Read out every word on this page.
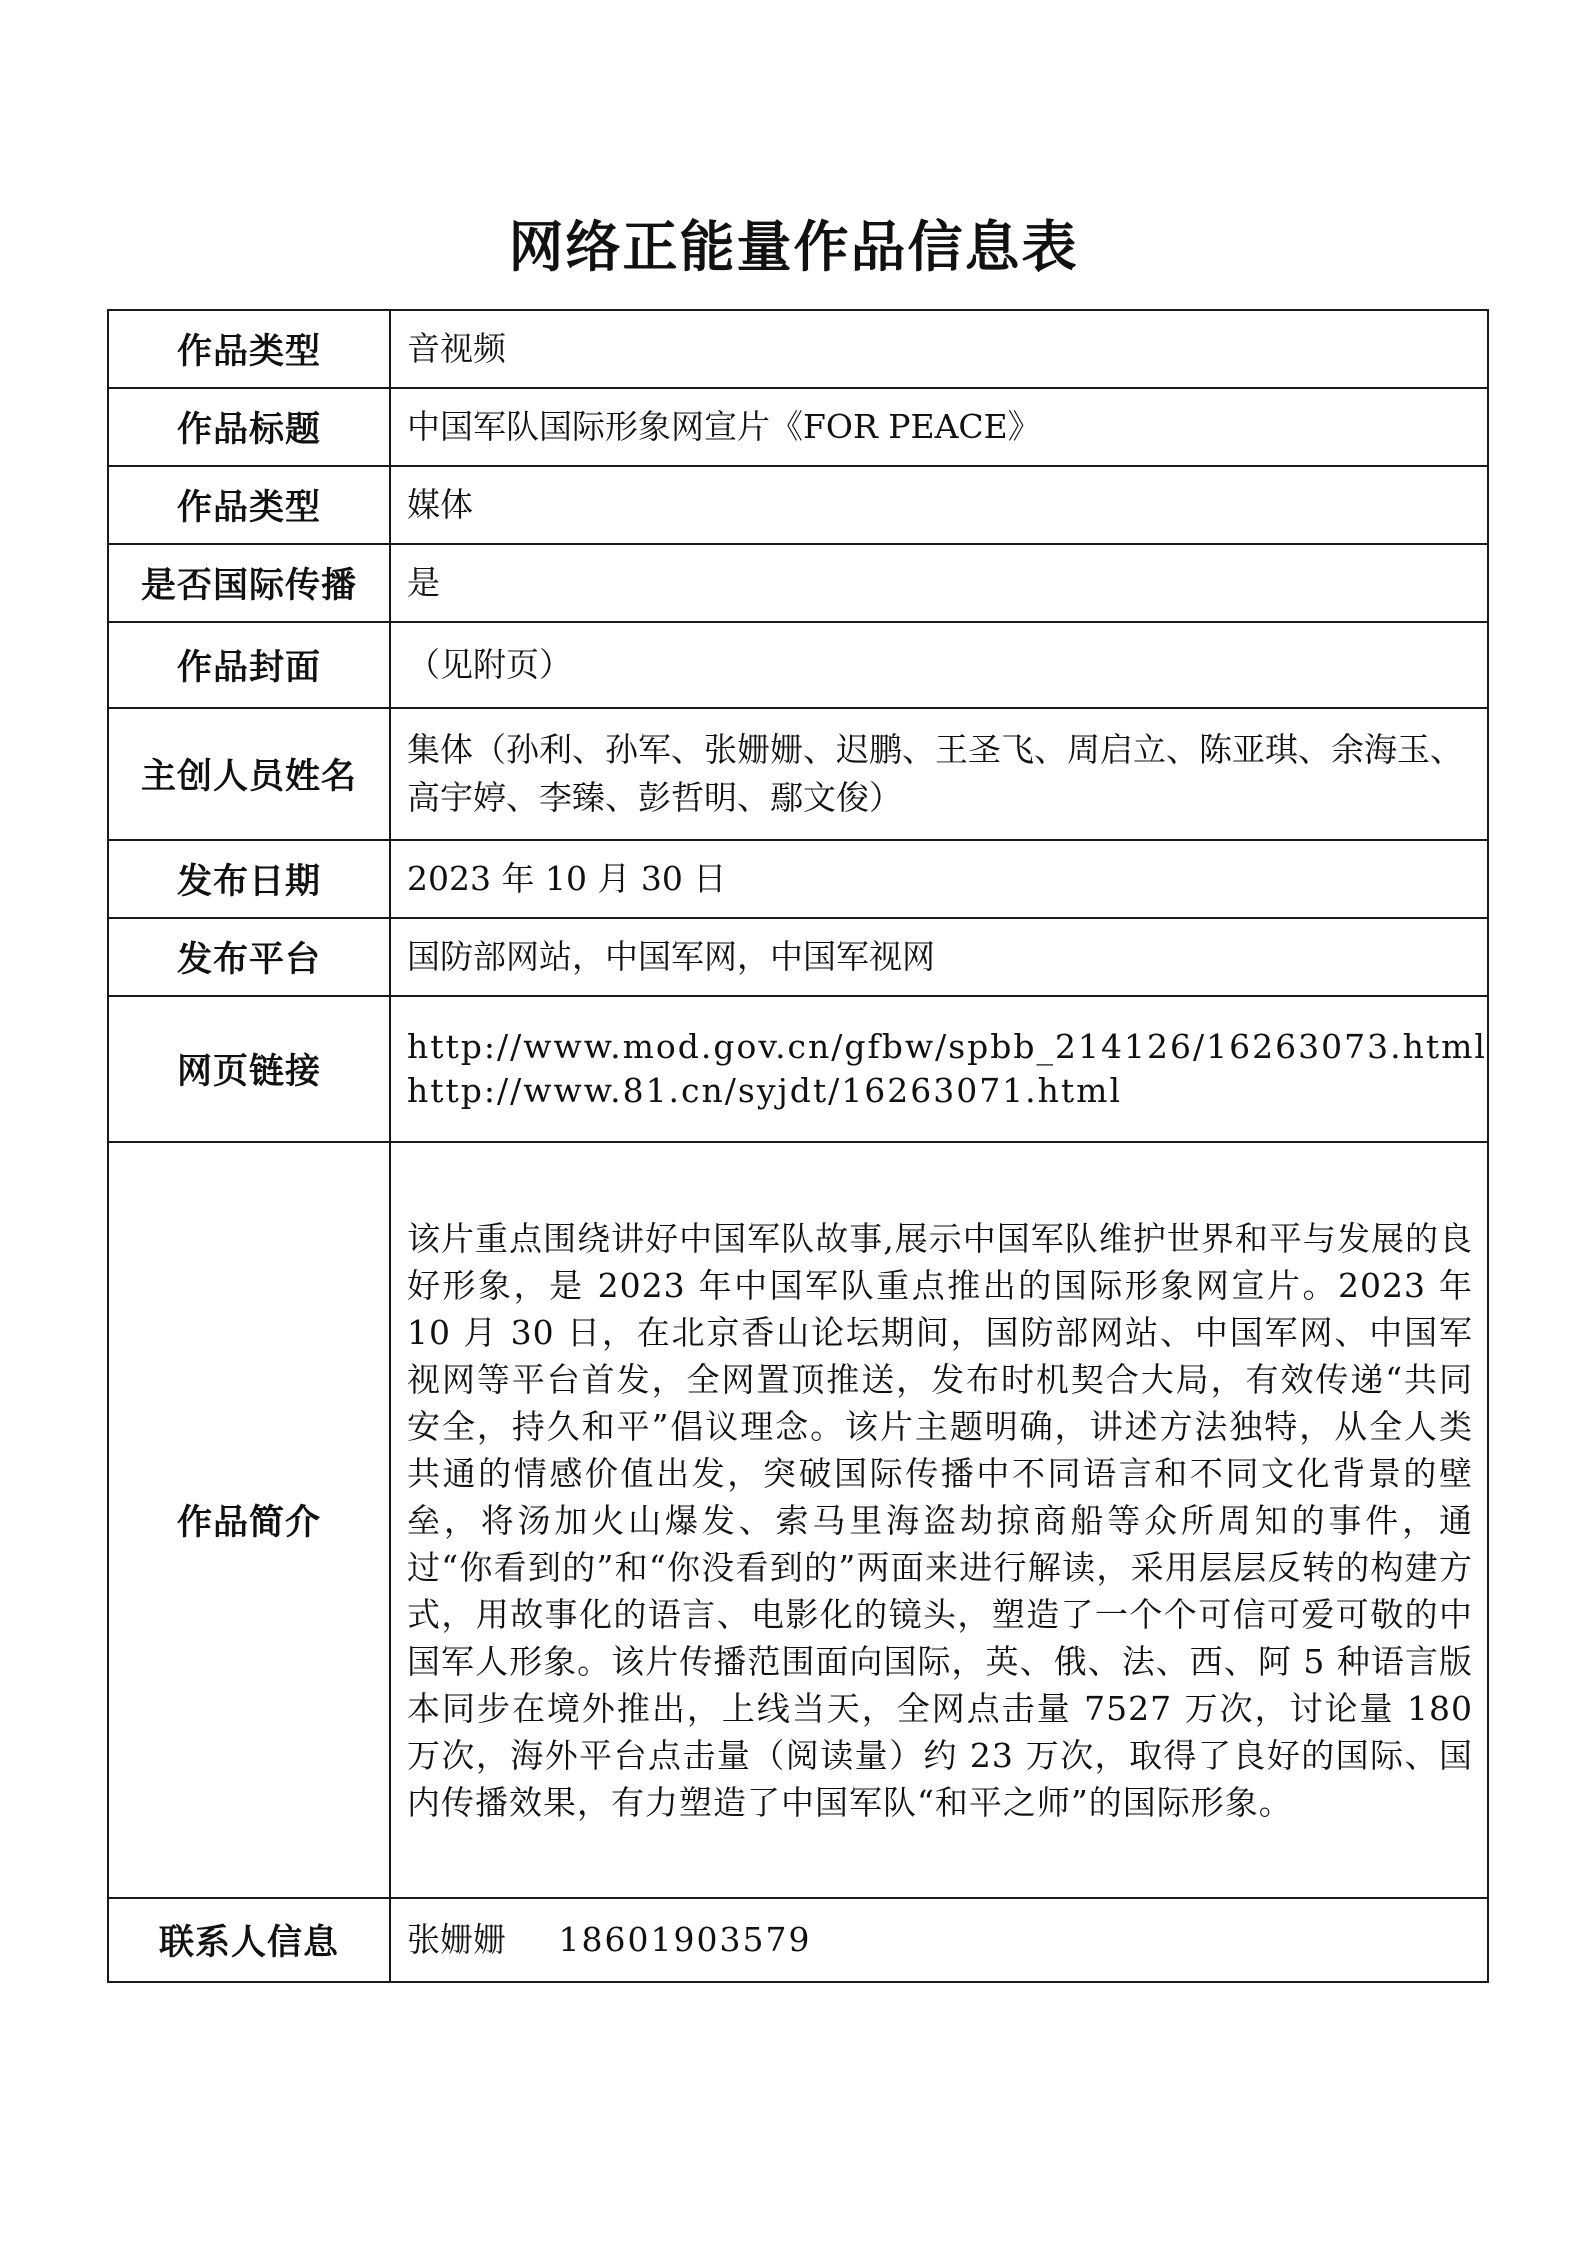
网络正能量作品信息表
作品类型	音视频
作品标题	中国军队国际形象网宣片《FOR PEACE》
作品类型	媒体
是否国际传播	是
作品封面	（见附页）
主创人员姓名	集体（孙利、孙军、张姗姗、迟鹏、王圣飞、周启立、陈亚琪、余海玉、高宇婷、李臻、彭哲明、鄢文俊）
发布日期	2023 年 10 月 30 日
发布平台	国防部网站，中国军网，中国军视网
网页链接	http://www.mod.gov.cn/gfbw/spbb_214126/16263073.html
http://www.81.cn/syjdt/16263071.html

作品简介	该片重点围绕讲好中国军队故事,展示中国军队维护世界和平与发展的良好形象，是 2023 年中国军队重点推出的国际形象网宣片。2023 年 10 月 30 日，在北京香山论坛期间，国防部网站、中国军网、中国军视网等平台首发，全网置顶推送，发布时机契合大局，有效传递“共同安全，持久和平”倡议理念。该片主题明确，讲述方法独特，从全人类共通的情感价值出发，突破国际传播中不同语言和不同文化背景的壁垒，将汤加火山爆发、索马里海盗劫掠商船等众所周知的事件，通过“你看到的”和“你没看到的”两面来进行解读，采用层层反转的构建方式，用故事化的语言、电影化的镜头，塑造了一个个可信可爱可敬的中国军人形象。该片传播范围面向国际，英、俄、法、西、阿 5 种语言版本同步在境外推出，上线当天，全网点击量 7527 万次，讨论量 180 万次，海外平台点击量（阅读量）约 23 万次，取得了良好的国际、国内传播效果，有力塑造了中国军队“和平之师”的国际形象。

联系人信息	张姗姗 18601903579
